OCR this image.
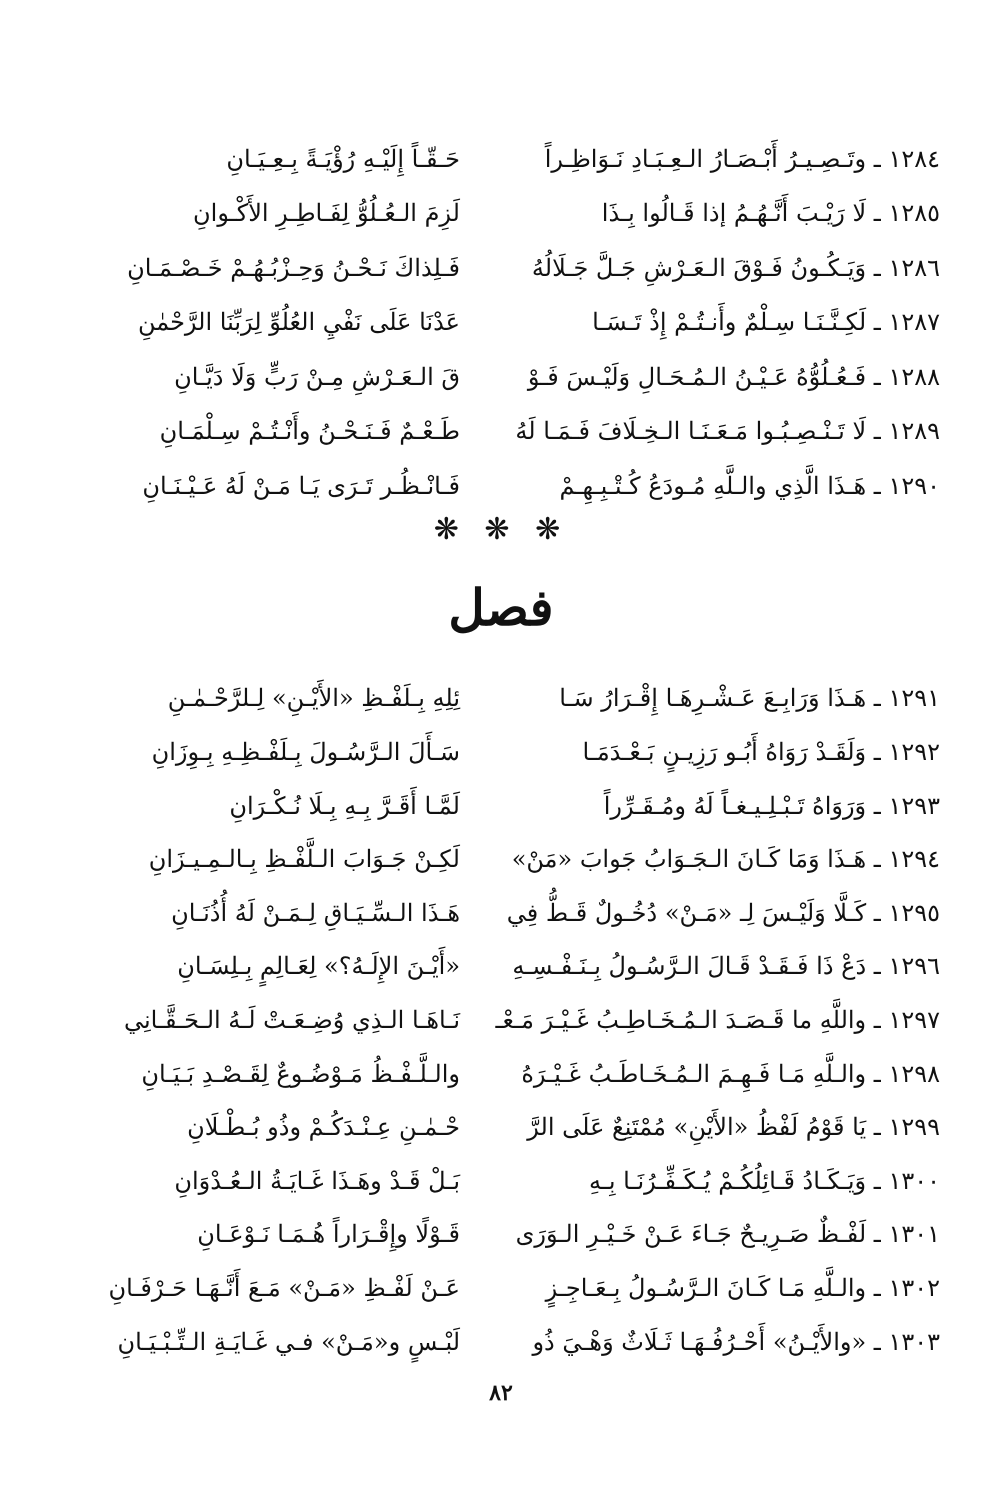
١٢٨٤ ـ وتَـصِـيـرُ أَبْـصَـارُ الـعِـبَـادِ نَـوَاظِـراً
حَـقّـاً إِلَيْـهِ رُؤْيَـةً بِـعِـيَـانِ
١٢٨٥ ـ لَا رَيْـبَ أَنَّـهُـمُ إذا قَـالُوا بِـذَا
لَزِمَ الـعُـلُوُّ لِفَـاطِـرِ الأَكْـوانِ
١٢٨٦ ـ وَيَـكُـونُ فَـوْقَ الـعَـرْشِ جَـلَّ جَـلَالُهُ
فَـلِذاكَ نَـحْـنُ وَحِـزْبُـهُـمْ خَـصْـمَـانِ
١٢٨٧ ـ لَكِـنَّـنَـا سِـلْمٌ وأَنـتُـمْ إِذْ تَـسَـا
عَدْنَا عَلَى نَفْيِ العُلُوِّ لِرَبِّنَا الرَّحْمٰنِ
١٢٨٨ ـ فَـعُـلُوُّهُ عَـيْـنُ الـمُـحَـالِ وَلَيْـسَ فَـوْ
قَ الـعَـرْشِ مِـنْ رَبٍّ وَلَا دَيَّـانِ
١٢٨٩ ـ لَا تَـنْـصِـبُـوا مَـعَـنَـا الـخِـلَافَ فَـمَـا لَهُ
طَـعْـمٌ فَـنَـحْـنُ وأَنْـتُـمْ سِـلْمَـانِ
١٢٩٠ ـ هَـذَا الَّذِي والـلَّهِ مُـودَعُ كُـتْـبِـهِـمْ
فَـانْـظُـر تَـرَى يَـا مَـنْ لَهُ عَـيْـنَـانِ
❋ ❋ ❋
فصل
١٢٩١ ـ هَـذَا وَرَابِـعَ عَـشْـرِهَـا إِقْـرَارُ سَـا
ئِلِهِ بِـلَفْـظِ «الأَيْـنِ» لِـلرَّحْـمٰـنِ
١٢٩٢ ـ وَلَقَـدْ رَوَاهُ أَبُـو رَزِيـنٍ بَـعْـدَمَـا
سَـأَلَ الـرَّسُـولَ بِـلَفْـظِـهِ بِـوِزَانِ
١٢٩٣ ـ وَرَوَاهُ تَـبْـلِـيـغـاً لَهُ ومُـقَـرِّراً
لَمَّـا أَقَـرَّ بِـهِ بِـلَا نُـكْـرَانِ
١٢٩٤ ـ هَـذَا وَمَا كَـانَ الـجَـوَابُ جَوابَ «مَنْ»
لَكِـنْ جَـوَابَ الـلَّفْـظِ بِـالـمِـيـزَانِ
١٢٩٥ ـ كَـلَّا وَلَيْـسَ لِـ «مَـنْ» دُخُـولٌ قَـطُّ فِي
هَـذَا الـسِّـيَـاقِ لِـمَـنْ لَهُ أُذُنَـانِ
١٢٩٦ ـ دَعْ ذَا فَـقَـدْ قَـالَ الـرَّسُـولُ بِـنَـفْـسِـهِ
«أَيْـنَ الإِلَـهُ؟» لِعَـالِمٍ بِـلِسَـانِ
١٢٩٧ ـ واللَّهِ ما قَـصَـدَ الـمُـخَـاطِـبُ غَـيْـرَ مَـعْـ
نَـاهَـا الـذِي وُضِـعَـتْ لَـهُ الـحَـقَّـانِي
١٢٩٨ ـ والـلَّهِ مَـا فَـهِـمَ الـمُـخَـاطَـبُ غَـيْـرَهُ
والـلَّـفْـظُ مَـوْضُـوعٌ لِقَـصْـدِ بَـيَـانِ
١٢٩٩ ـ يَا قَوْمُ لَفْظُ «الأَيْنِ» مُمْتَنِعٌ عَلَى الرَّ
حْـمٰـنِ عِـنْـدَكُـمْ وذُو بُـطْـلَانِ
١٣٠٠ ـ وَيَـكَـادُ قَـائِلُكُـمْ يُـكَـفِّـرُنَـا بِـهِ
بَـلْ قَـدْ وهَـذَا غَـايَـةُ الـعُـدْوَانِ
١٣٠١ ـ لَفْـظٌ صَـرِيـحٌ جَـاءَ عَـنْ خَـيْـرِ الـوَرَى
قَـوْلًا وإِقْـرَاراً هُـمَـا نَـوْعَـانِ
١٣٠٢ ـ والـلَّهِ مَـا كَـانَ الـرَّسُـولُ بِـعَـاجِـزٍ
عَـنْ لَفْـظِ «مَـنْ» مَـعَ أَنَّـهَـا حَـرْفَـانِ
١٣٠٣ ـ «والأَيْـنُ» أَحْـرُفُـهَـا ثَـلَاثٌ وَهْـيَ ذُو
لَبْـسٍ و«مَـنْ» فـي غَـايَـةِ الـتِّـبْـيَـانِ
٨٢
